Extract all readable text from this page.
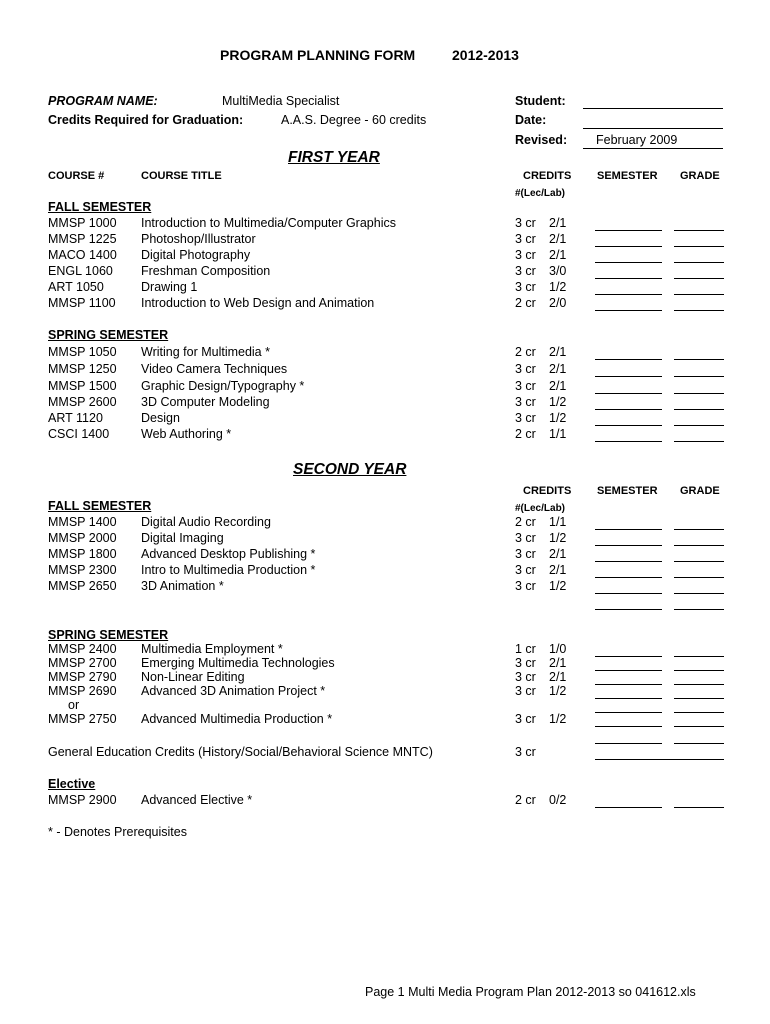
PROGRAM PLANNING FORM	2012-2013
PROGRAM NAME:	MultiMedia Specialist
Credits Required for Graduation:	A.A.S. Degree - 60 credits
Student:
Date:
Revised: February 2009
FIRST YEAR
COURSE #	COURSE TITLE	CREDITS SEMESTER GRADE
#(Lec/Lab)
FALL SEMESTER
MMSP 1000 Introduction to Multimedia/Computer Graphics	3 cr 2/1
MMSP 1225 Photoshop/Illustrator	3 cr 2/1
MACO 1400 Digital Photography	3 cr 2/1
ENGL 1060 Freshman Composition	3 cr 3/0
ART 1050	Drawing 1	3 cr 1/2
MMSP 1100 Introduction to Web Design and Animation	2 cr 2/0
SPRING SEMESTER
MMSP 1050 Writing for Multimedia *	2 cr 2/1
MMSP 1250 Video Camera Techniques	3 cr 2/1
MMSP 1500 Graphic Design/Typography *	3 cr 2/1
MMSP 2600 3D Computer Modeling	3 cr 1/2
ART 1120	Design	3 cr 1/2
CSCI 1400	Web Authoring *	2 cr 1/1
SECOND YEAR
CREDITS SEMESTER GRADE
FALL SEMESTER	#(Lec/Lab)
MMSP 1400 Digital Audio Recording	2 cr 1/1
MMSP 2000 Digital Imaging	3 cr 1/2
MMSP 1800 Advanced Desktop Publishing *	3 cr 2/1
MMSP 2300 Intro to Multimedia Production *	3 cr 2/1
MMSP 2650 3D Animation *	3 cr 1/2
SPRING SEMESTER
MMSP 2400 Multimedia Employment *	1 cr 1/0
MMSP 2700 Emerging Multimedia Technologies	3 cr 2/1
MMSP 2790 Non-Linear Editing	3 cr 2/1
MMSP 2690 Advanced 3D Animation Project *	3 cr 1/2
or
MMSP 2750 Advanced Multimedia Production *	3 cr 1/2
General Education Credits (History/Social/Behavioral Science MNTC)	3 cr
Elective
MMSP 2900 Advanced Elective *	2 cr 0/2
* - Denotes Prerequisites
Page 1 Multi Media Program Plan 2012-2013 so 041612.xls
